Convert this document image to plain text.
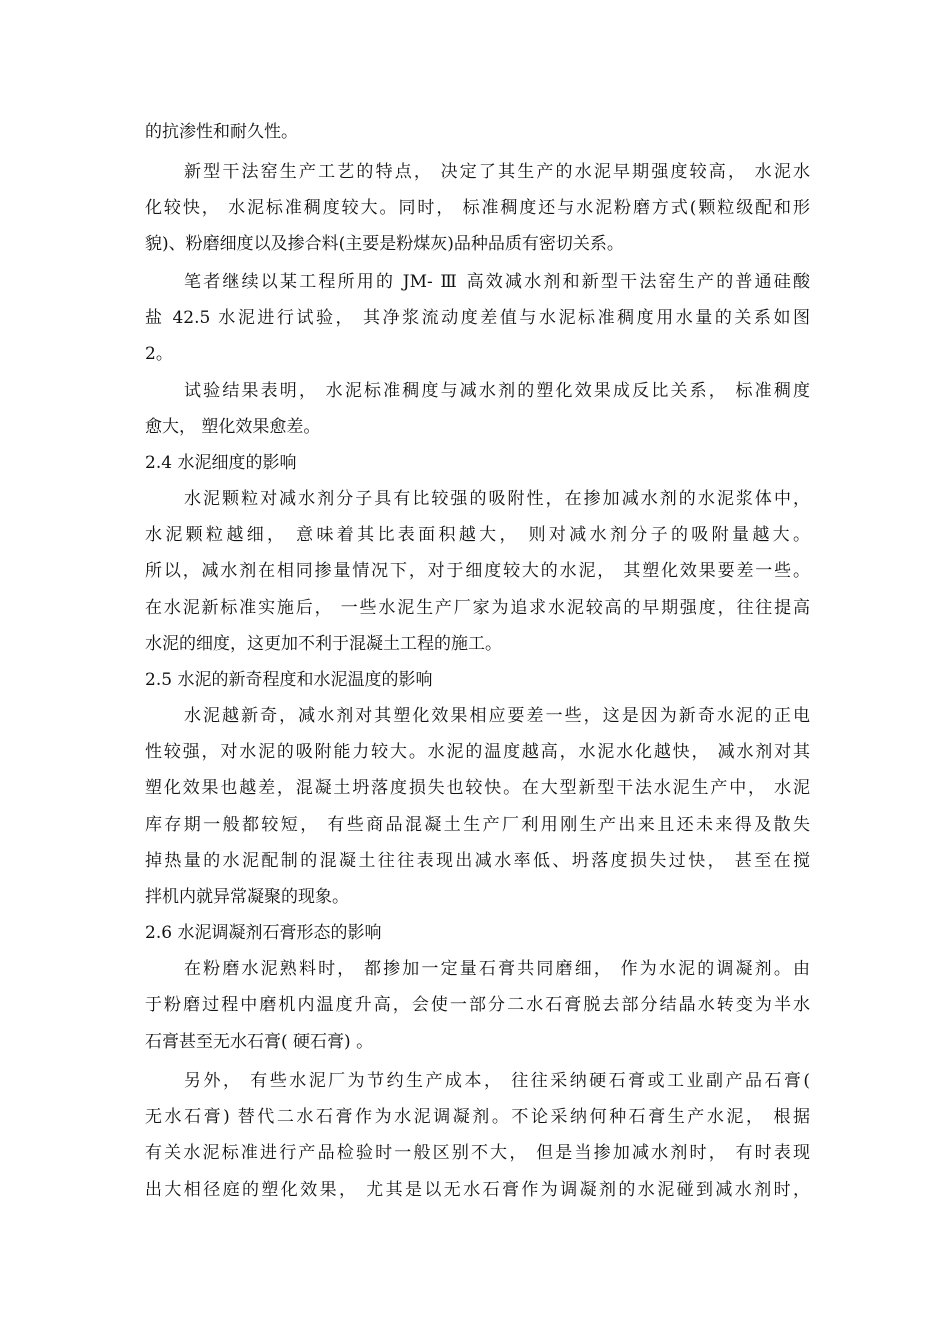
的抗渗性和耐久性。
新型干法窑生产工艺的特点， 决定了其生产的水泥早期强度较高， 水泥水
化较快， 水泥标准稠度较大。同时， 标准稠度还与水泥粉磨方式(颗粒级配和形
貌)、粉磨细度以及掺合料(主要是粉煤灰)品种品质有密切关系。
笔者继续以某工程所用的 JM- Ⅲ 高效减水剂和新型干法窑生产的普通硅酸
盐 42.5 水泥进行试验， 其净浆流动度差值与水泥标准稠度用水量的关系如图
2。
试验结果表明， 水泥标准稠度与减水剂的塑化效果成反比关系， 标准稠度
愈大， 塑化效果愈差。
2.4 水泥细度的影响
水泥颗粒对减水剂分子具有比较强的吸附性，在掺加减水剂的水泥浆体中，
水泥颗粒越细， 意味着其比表面积越大， 则对减水剂分子的吸附量越大。
所以，减水剂在相同掺量情况下，对于细度较大的水泥， 其塑化效果要差一些。
在水泥新标准实施后， 一些水泥生产厂家为追求水泥较高的早期强度，往往提高
水泥的细度，这更加不利于混凝土工程的施工。
2.5 水泥的新奇程度和水泥温度的影响
水泥越新奇，减水剂对其塑化效果相应要差一些，这是因为新奇水泥的正电
性较强，对水泥的吸附能力较大。水泥的温度越高，水泥水化越快， 减水剂对其
塑化效果也越差，混凝土坍落度损失也较快。在大型新型干法水泥生产中， 水泥
库存期一般都较短， 有些商品混凝土生产厂利用刚生产出来且还未来得及散失
掉热量的水泥配制的混凝土往往表现出减水率低、坍落度损失过快， 甚至在搅
拌机内就异常凝聚的现象。
2.6 水泥调凝剂石膏形态的影响
在粉磨水泥熟料时， 都掺加一定量石膏共同磨细， 作为水泥的调凝剂。由
于粉磨过程中磨机内温度升高，会使一部分二水石膏脱去部分结晶水转变为半水
石膏甚至无水石膏( 硬石膏) 。
另外， 有些水泥厂为节约生产成本， 往往采纳硬石膏或工业副产品石膏(
无水石膏) 替代二水石膏作为水泥调凝剂。不论采纳何种石膏生产水泥， 根据
有关水泥标准进行产品检验时一般区别不大， 但是当掺加减水剂时， 有时表现
出大相径庭的塑化效果， 尤其是以无水石膏作为调凝剂的水泥碰到减水剂时，
